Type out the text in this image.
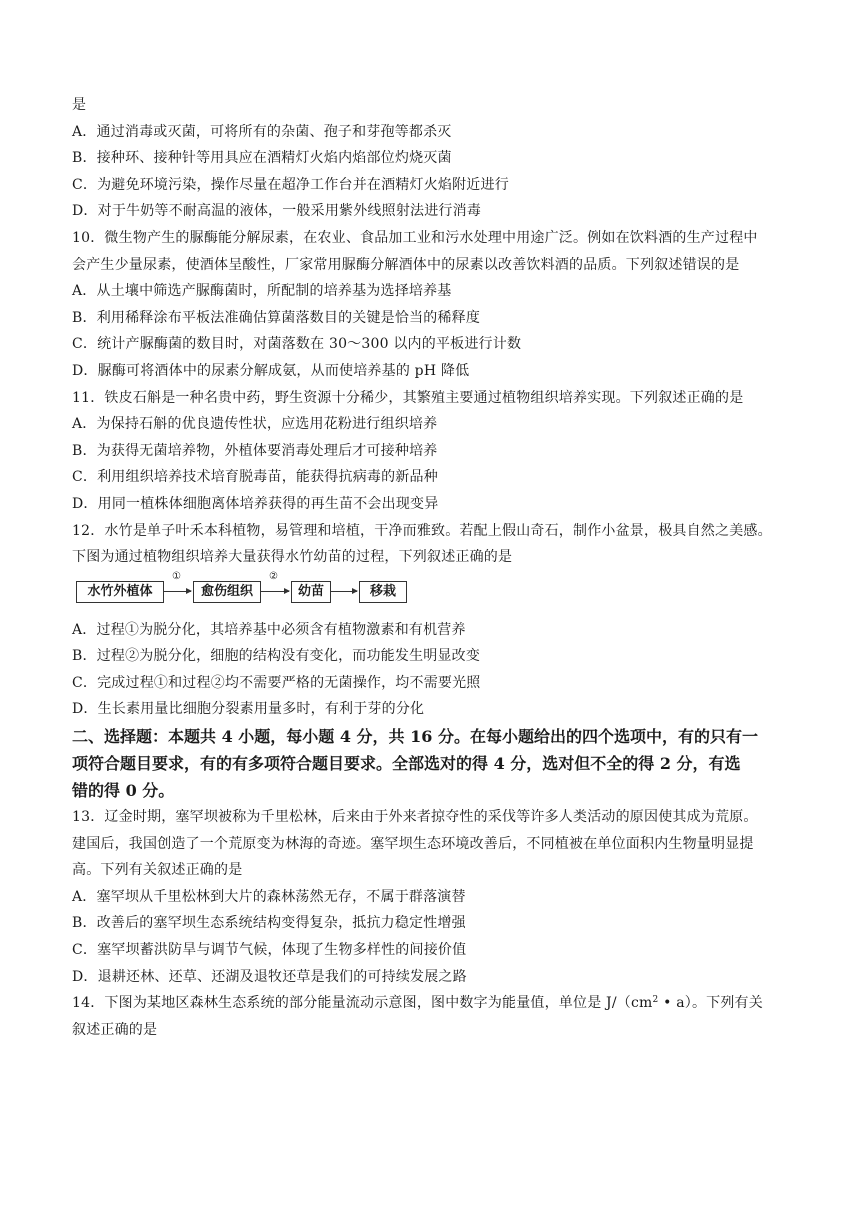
是
A．通过消毒或灭菌，可将所有的杂菌、孢子和芽孢等都杀灭
B．接种环、接种针等用具应在酒精灯火焰内焰部位灼烧灭菌
C．为避免环境污染，操作尽量在超净工作台并在酒精灯火焰附近进行
D．对于牛奶等不耐高温的液体，一般采用紫外线照射法进行消毒
10．微生物产生的脲酶能分解尿素，在农业、食品加工业和污水处理中用途广泛。例如在饮料酒的生产过程中
会产生少量尿素，使酒体呈酸性，厂家常用脲酶分解酒体中的尿素以改善饮料酒的品质。下列叙述错误的是
A．从土壤中筛选产脲酶菌时，所配制的培养基为选择培养基
B．利用稀释涂布平板法准确估算菌落数目的关键是恰当的稀释度
C．统计产脲酶菌的数目时，对菌落数在 30～300 以内的平板进行计数
D．脲酶可将酒体中的尿素分解成氨，从而使培养基的 pH 降低
11．铁皮石斛是一种名贵中药，野生资源十分稀少，其繁殖主要通过植物组织培养实现。下列叙述正确的是
A．为保持石斛的优良遗传性状，应选用花粉进行组织培养
B．为获得无菌培养物，外植体要消毒处理后才可接种培养
C．利用组织培养技术培育脱毒苗，能获得抗病毒的新品种
D．用同一植株体细胞离体培养获得的再生苗不会出现变异
12．水竹是单子叶禾本科植物，易管理和培植，干净而雅致。若配上假山奇石，制作小盆景，极具自然之美感。
下图为通过植物组织培养大量获得水竹幼苗的过程，下列叙述正确的是
水竹外植体
①
愈伤组织
②
幼苗	移栽
A．过程①为脱分化，其培养基中必须含有植物激素和有机营养
B．过程②为脱分化，细胞的结构没有变化，而功能发生明显改变
C．完成过程①和过程②均不需要严格的无菌操作，均不需要光照
D．生长素用量比细胞分裂素用量多时，有利于芽的分化
二、选择题：本题共 4 小题，每小题 4 分，共 16 分。在每小题给出的四个选项中，有的只有一
项符合题目要求，有的有多项符合题目要求。全部选对的得 4 分，选对但不全的得 2 分，有选
错的得 0 分。
13．辽金时期，塞罕坝被称为千里松林，后来由于外来者掠夺性的采伐等许多人类活动的原因使其成为荒原。
建国后，我国创造了一个荒原变为林海的奇迹。塞罕坝生态环境改善后，不同植被在单位面积内生物量明显提
高。下列有关叙述正确的是
A．塞罕坝从千里松林到大片的森林荡然无存，不属于群落演替
B．改善后的塞罕坝生态系统结构变得复杂，抵抗力稳定性增强
C．塞罕坝蓄洪防旱与调节气候，体现了生物多样性的间接价值
D．退耕还林、还草、还湖及退牧还草是我们的可持续发展之路
14．下图为某地区森林生态系统的部分能量流动示意图，图中数字为能量值，单位是 $J/(cm^2$ • a）。下列有关
叙述正确的是
